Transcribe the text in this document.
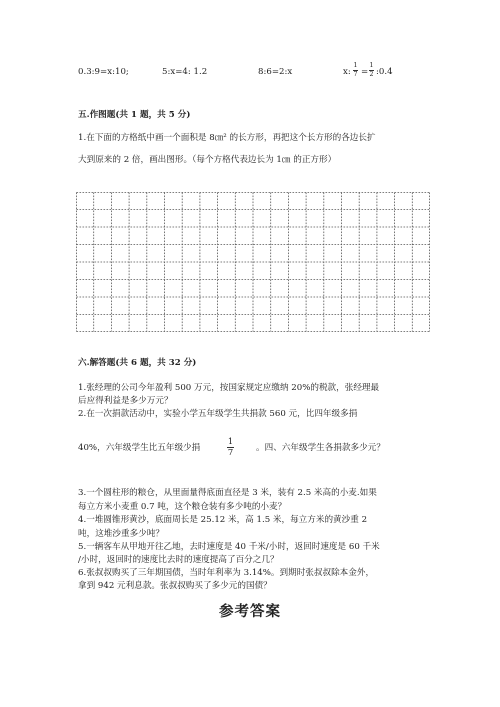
0.3:9=x:10;	5:x=4: 1.2	8:6=2:x	x:
1
7 =
1
2 :0.4
五.作图题(共 1 题，共 5 分)
1.在下面的方格纸中画一个面积是 8㎝² 的长方形，再把这个长方形的各边长扩
大到原来的 2 倍，画出图形。（每个方格代表边长为 1㎝ 的正方形）
六.解答题(共 6 题，共 32 分)
1.张经理的公司今年盈利 500 万元，按国家规定应缴纳 20%的税款，张经理最
后应得利益是多少万元？
2.在一次捐款活动中，实验小学五年级学生共捐款 560 元，比四年级多捐
40%，六年级学生比五年级少捐
1
7	。四、六年级学生各捐款多少元？
3.一个圆柱形的粮仓，从里面量得底面直径是 3 米，装有 2.5 米高的小麦.如果
每立方米小麦重 0.7 吨，这个粮仓装有多少吨的小麦？
4.一堆圆锥形黄沙，底面周长是 25.12 米，高 1.5 米，每立方米的黄沙重 2
吨，这堆沙重多少吨？
5.一辆客车从甲地开往乙地，去时速度是 40 千米/小时，返回时速度是 60 千米
/小时，返回时的速度比去时的速度提高了百分之几？
6.张叔叔购买了三年期国债，当时年利率为 3.14%。到期时张叔叔除本金外，
拿到 942 元利息款。张叔叔购买了多少元的国债？
参考答案
